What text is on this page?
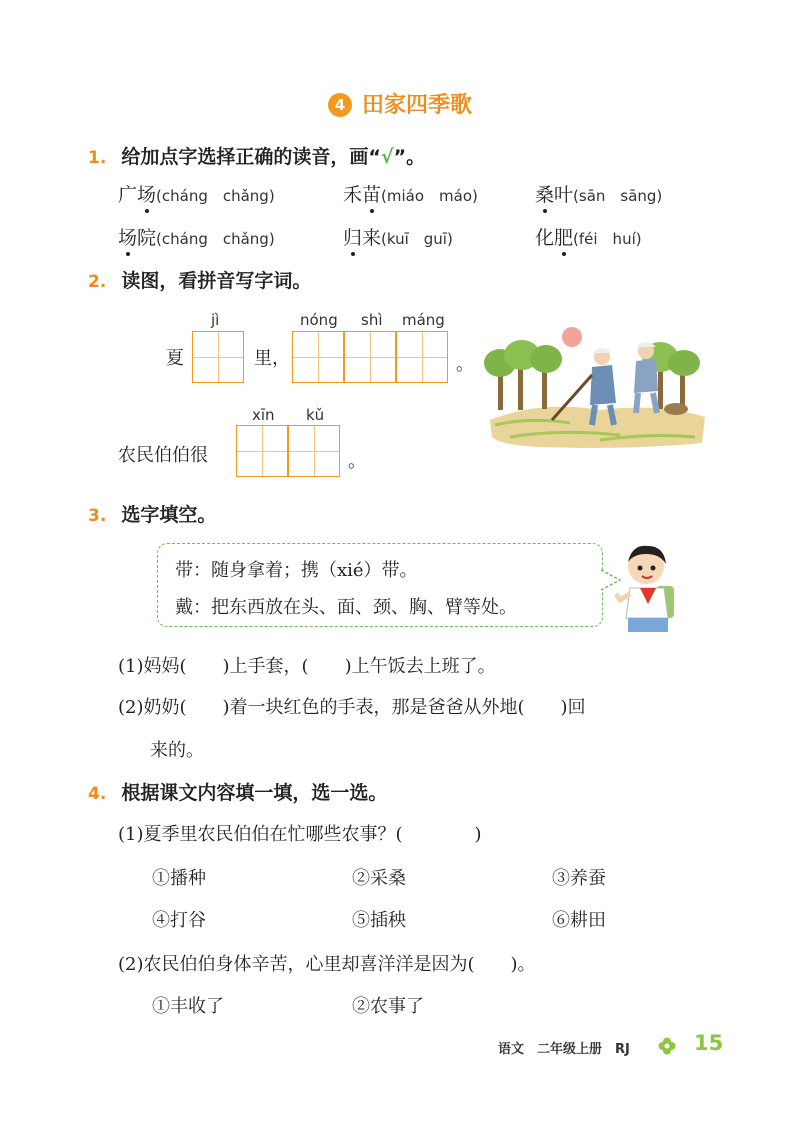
4 田家四季歌
1. 给加点字选择正确的读音，画“√”。
广场(cháng　chǎng)	禾苗(miáo　máo)	桑叶(sān　sāng)
场院(cháng　chǎng)	归来(kuī　guī)	化肥(féi　huí)
2. 读图，看拼音写字词。
jì	nóng shì máng
夏	里，	。
xīn kǔ
农民伯伯很	。
3. 选字填空。
带：随身拿着；携（xié）带。
戴：把东西放在头、面、颈、胸、臂等处。
(1)妈妈(　　)上手套，(　　)上午饭去上班了。
(2)奶奶(　　)着一块红色的手表，那是爸爸从外地(　　)回
来的。
4. 根据课文内容填一填，选一选。
(1)夏季里农民伯伯在忙哪些农事？(　　　　)
①播种	②采桑	③养蚕
④打谷	⑤插秧	⑥耕田
(2)农民伯伯身体辛苦，心里却喜洋洋是因为(　　)。
①丰收了	②农事了
语文　二年级上册　RJ	15
